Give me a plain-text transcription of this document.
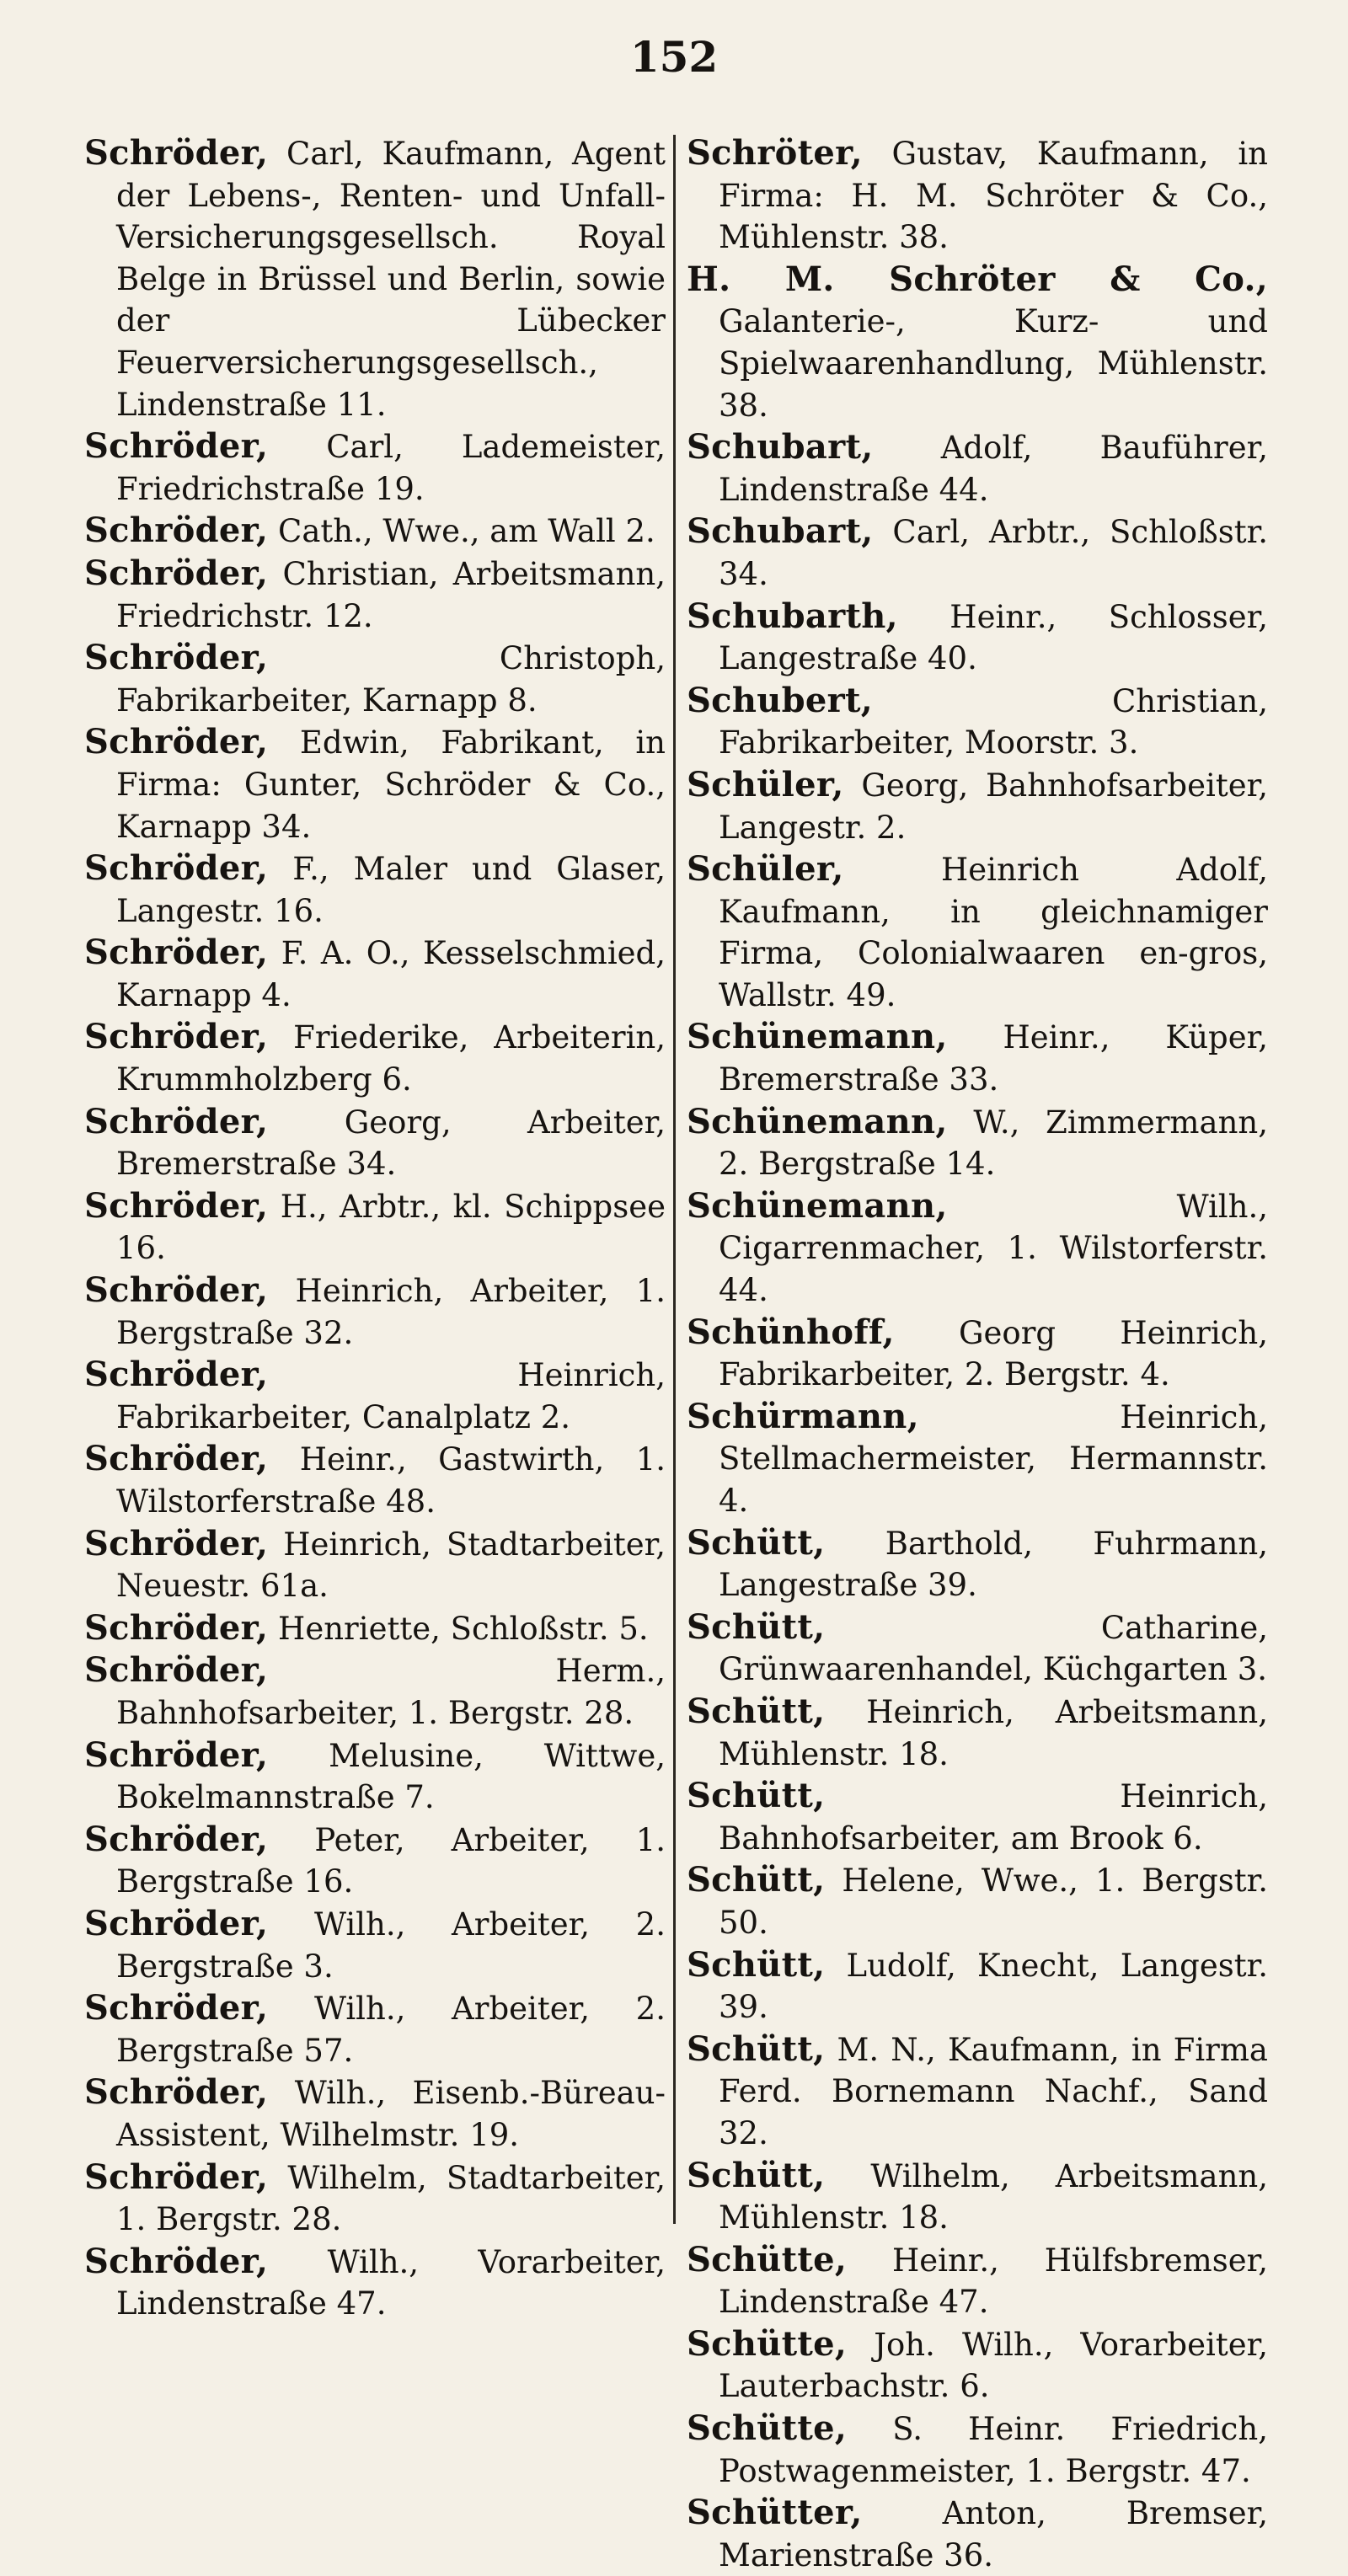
152

Schröder, Carl, Kaufmann, Agent der Lebens-, Renten- und Unfall-Versicherungsgesellsch. Royal Belge in Brüssel und Berlin, sowie der Lübecker Feuerversicherungsgesellsch., Lindenstraße 11.

Schröder, Carl, Lademeister, Friedrichstraße 19.

Schröder, Cath., Wwe., am Wall 2.

Schröder, Christian, Arbeitsmann, Friedrichstr. 12.

Schröder, Christoph, Fabrikarbeiter, Karnapp 8.

Schröder, Edwin, Fabrikant, in Firma: Gunter, Schröder & Co., Karnapp 34.

Schröder, F., Maler und Glaser, Langestr. 16.

Schröder, F. A. O., Kesselschmied, Karnapp 4.

Schröder, Friederike, Arbeiterin, Krummholzberg 6.

Schröder, Georg, Arbeiter, Bremerstraße 34.

Schröder, H., Arbtr., kl. Schippsee 16.

Schröder, Heinrich, Arbeiter, 1. Bergstraße 32.

Schröder, Heinrich, Fabrikarbeiter, Canalplatz 2.

Schröder, Heinr., Gastwirth, 1. Wilstorferstraße 48.

Schröder, Heinrich, Stadtarbeiter, Neuestr. 61a.

Schröder, Henriette, Schloßstr. 5.

Schröder, Herm., Bahnhofsarbeiter, 1. Bergstr. 28.

Schröder, Melusine, Wittwe, Bokelmannstraße 7.

Schröder, Peter, Arbeiter, 1. Bergstraße 16.

Schröder, Wilh., Arbeiter, 2. Bergstraße 3.

Schröder, Wilh., Arbeiter, 2. Bergstraße 57.

Schröder, Wilh., Eisenb.-Büreau-Assistent, Wilhelmstr. 19.

Schröder, Wilhelm, Stadtarbeiter, 1. Bergstr. 28.

Schröder, Wilh., Vorarbeiter, Lindenstraße 47.

Schröter, Gustav, Kaufmann, in Firma: H. M. Schröter & Co., Mühlenstr. 38.

H. M. Schröter & Co., Galanterie-, Kurz- und Spielwaarenhandlung, Mühlenstr. 38.

Schubart, Adolf, Bauführer, Lindenstraße 44.

Schubart, Carl, Arbtr., Schloßstr. 34.

Schubarth, Heinr., Schlosser, Langestraße 40.

Schubert, Christian, Fabrikarbeiter, Moorstr. 3.

Schüler, Georg, Bahnhofsarbeiter, Langestr. 2.

Schüler, Heinrich Adolf, Kaufmann, in gleichnamiger Firma, Colonialwaaren en-gros, Wallstr. 49.

Schünemann, Heinr., Küper, Bremerstraße 33.

Schünemann, W., Zimmermann, 2. Bergstraße 14.

Schünemann, Wilh., Cigarrenmacher, 1. Wilstorferstr. 44.

Schünhoff, Georg Heinrich, Fabrikarbeiter, 2. Bergstr. 4.

Schürmann, Heinrich, Stellmachermeister, Hermannstr. 4.

Schütt, Barthold, Fuhrmann, Langestraße 39.

Schütt, Catharine, Grünwaarenhandel, Küchgarten 3.

Schütt, Heinrich, Arbeitsmann, Mühlenstr. 18.

Schütt, Heinrich, Bahnhofsarbeiter, am Brook 6.

Schütt, Helene, Wwe., 1. Bergstr. 50.

Schütt, Ludolf, Knecht, Langestr. 39.

Schütt, M. N., Kaufmann, in Firma Ferd. Bornemann Nachf., Sand 32.

Schütt, Wilhelm, Arbeitsmann, Mühlenstr. 18.

Schütte, Heinr., Hülfsbremser, Lindenstraße 47.

Schütte, Joh. Wilh., Vorarbeiter, Lauterbachstr. 6.

Schütte, S. Heinr. Friedrich, Postwagenmeister, 1. Bergstr. 47.

Schütter, Anton, Bremser, Marienstraße 36.
